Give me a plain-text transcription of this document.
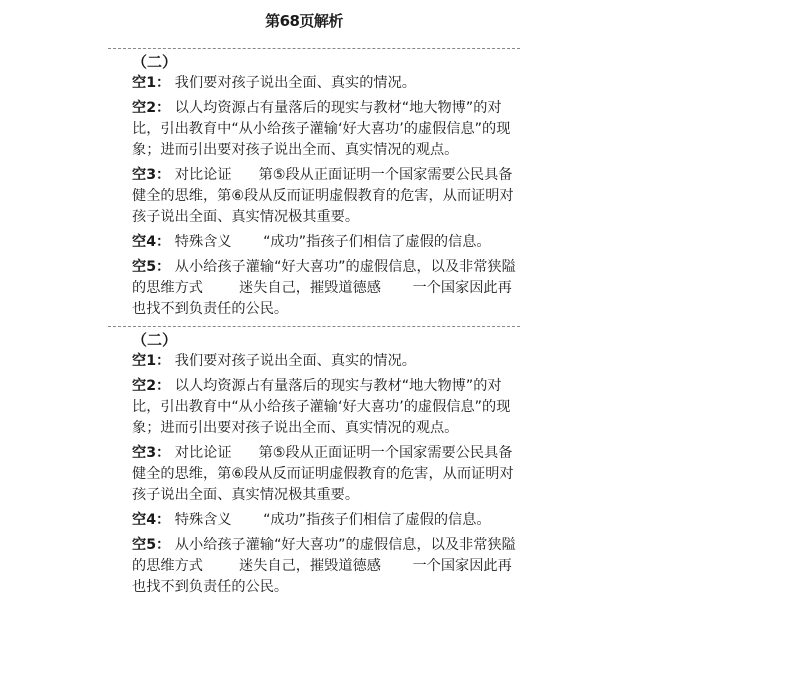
第68页解析
（二）
空1： 我们要对孩子说出全面、真实的情况。
空2： 以人均资源占有量落后的现实与教材“地大物博”的对比，引出教育中“从小给孩子灌输‘好大喜功’的虚假信息”的现象；进而引出要对孩子说出全而、真实情况的观点。
空3： 对比论证      第⑤段从正面证明一个国家需要公民具备健全的思维，第⑥段从反而证明虚假教育的危害，从而证明对孩子说出全面、真实情况极其重要。
空4： 特殊含义       “成功”指孩子们相信了虚假的信息。
空5： 从小给孩子灌输“好大喜功”的虚假信息，以及非常狭隘的思维方式        迷失自己，摧毁道德感       一个国家因此再也找不到负责任的公民。
（二）
空1： 我们要对孩子说出全面、真实的情况。
空2： 以人均资源占有量落后的现实与教材“地大物博”的对比，引出教育中“从小给孩子灌输‘好大喜功’的虚假信息”的现象；进而引出要对孩子说出全而、真实情况的观点。
空3： 对比论证      第⑤段从正面证明一个国家需要公民具备健全的思维，第⑥段从反而证明虚假教育的危害，从而证明对孩子说出全面、真实情况极其重要。
空4： 特殊含义       “成功”指孩子们相信了虚假的信息。
空5： 从小给孩子灌输“好大喜功”的虚假信息，以及非常狭隘的思维方式        迷失自己，摧毁道德感       一个国家因此再也找不到负责任的公民。
